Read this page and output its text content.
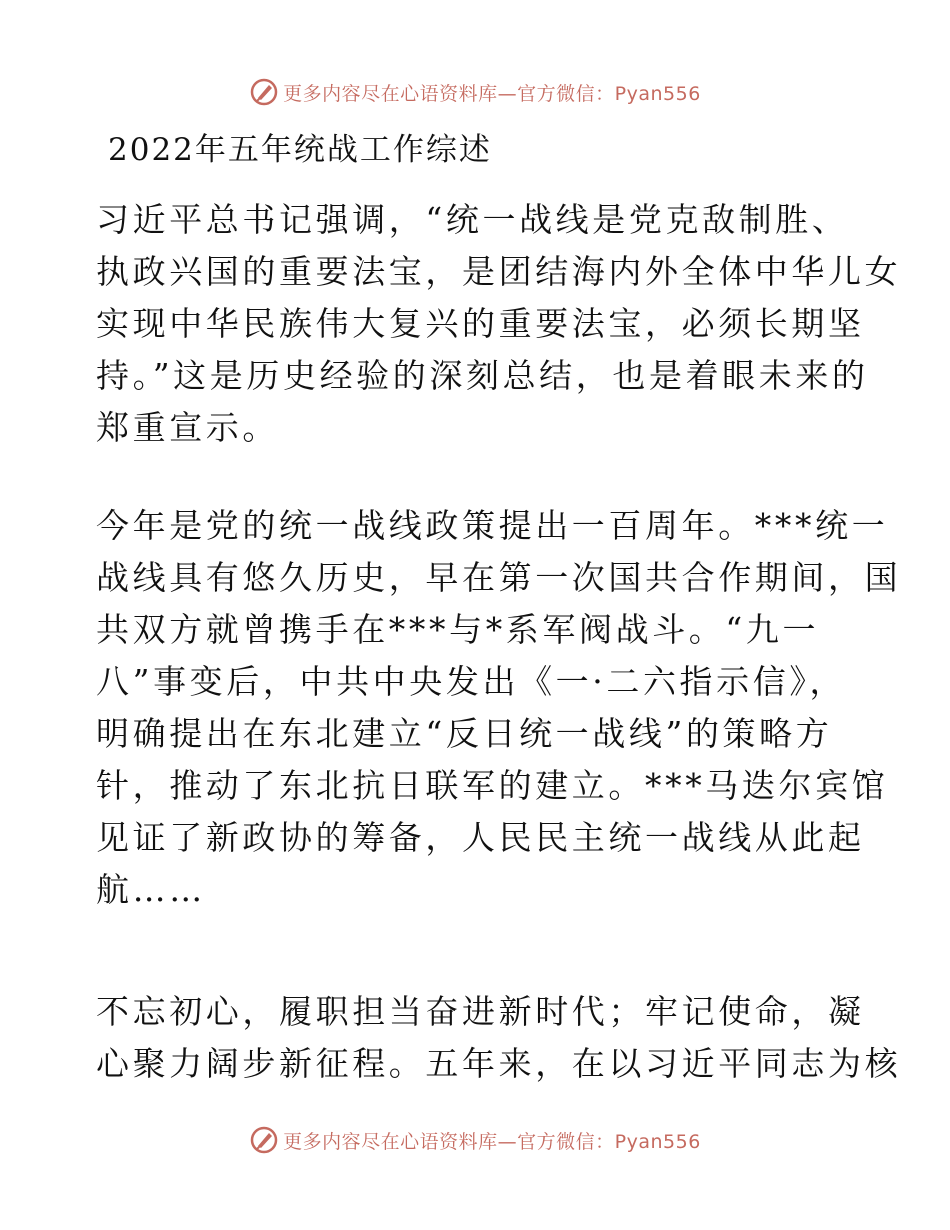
更多内容尽在心语资料库—官方微信：Pyan556
2022年五年统战工作综述
习近平总书记强调，“统一战线是党克敌制胜、
执政兴国的重要法宝，是团结海内外全体中华儿女
实现中华民族伟大复兴的重要法宝，必须长期坚
持。”这是历史经验的深刻总结，也是着眼未来的
郑重宣示。
今年是党的统一战线政策提出一百周年。***统一
战线具有悠久历史，早在第一次国共合作期间，国
共双方就曾携手在***与*系军阀战斗。“九一
八”事变后，中共中央发出《一·二六指示信》，
明确提出在东北建立“反日统一战线”的策略方
针，推动了东北抗日联军的建立。***马迭尔宾馆
见证了新政协的筹备，人民民主统一战线从此起
航……
不忘初心，履职担当奋进新时代；牢记使命，凝
心聚力阔步新征程。五年来，在以习近平同志为核
更多内容尽在心语资料库—官方微信：Pyan556
